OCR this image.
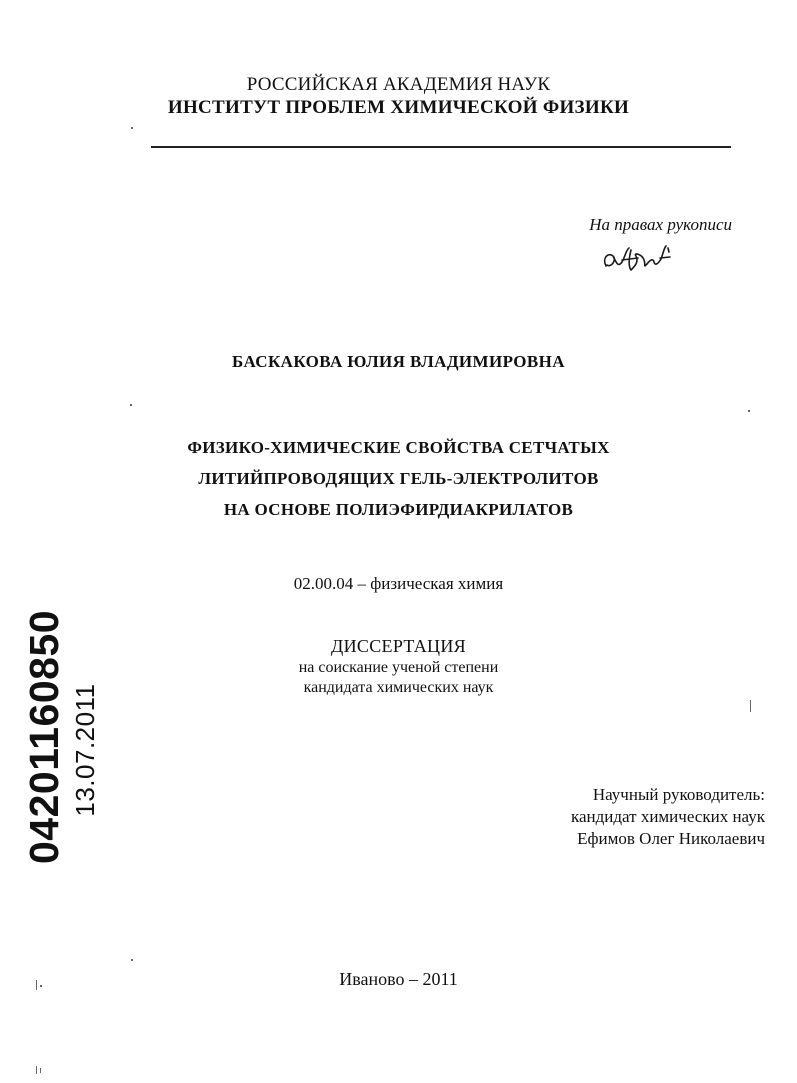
РОССИЙСКАЯ АКАДЕМИЯ НАУК
ИНСТИТУТ ПРОБЛЕМ ХИМИЧЕСКОЙ ФИЗИКИ
На правах рукописи
БАСКАКОВА ЮЛИЯ ВЛАДИМИРОВНА
ФИЗИКО-ХИМИЧЕСКИЕ СВОЙСТВА СЕТЧАТЫХ
ЛИТИЙПРОВОДЯЩИХ ГЕЛЬ-ЭЛЕКТРОЛИТОВ
НА ОСНОВЕ ПОЛИЭФИРДИАКРИЛАТОВ
02.00.04 – физическая химия
ДИССЕРТАЦИЯ
на соискание ученой степени
кандидата химических наук
Научный руководитель:
кандидат химических наук
Ефимов Олег Николаевич
Иваново – 2011
04201160850 13.07.2011
